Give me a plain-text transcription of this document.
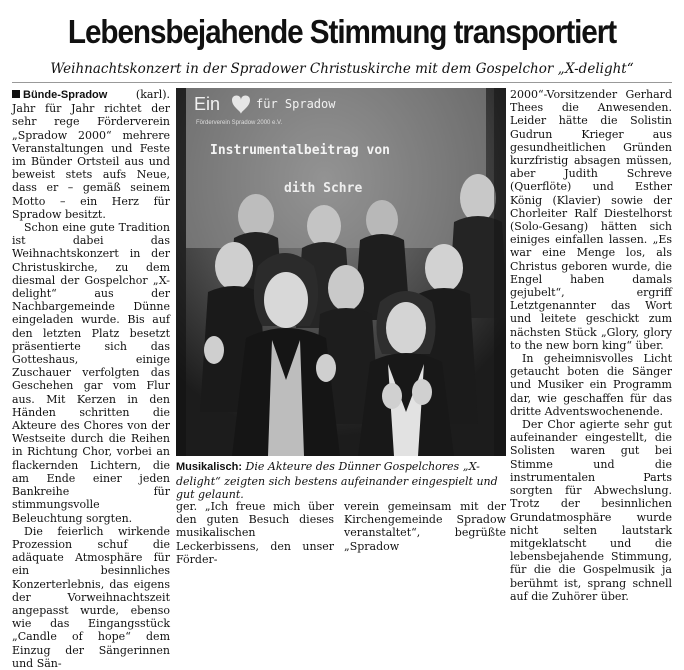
Lebensbejahende Stimmung transportiert
Weihnachtskonzert in der Spradower Christuskirche mit dem Gospelchor „X-delight“

Bünde-Spradow (karl). Jahr für Jahr richtet der sehr rege Förderverein „Spradow 2000“ mehrere Veranstaltungen und Feste im Bünder Ortsteil aus und beweist stets aufs Neue, dass er – gemäß seinem Motto – ein Herz für Spradow besitzt.

Schon eine gute Tradition ist dabei das Weihnachtskonzert in der Christuskirche, zu dem diesmal der Gospelchor „X-delight“ aus der Nachbargemeinde Dünne eingeladen wurde. Bis auf den letzten Platz besetzt präsentierte sich das Gotteshaus, einige Zuschauer verfolgten das Geschehen gar vom Flur aus. Mit Kerzen in den Händen schritten die Akteure des Chores von der Westseite durch die Reihen in Richtung Chor, vorbei an flackernden Lichtern, die am Ende einer jeden Bankreihe für stimmungsvolle Beleuchtung sorgten.

Die feierlich wirkende Prozession schuf die adäquate Atmosphäre für ein besinnliches Konzerterlebnis, das eigens der Vorweihnachtszeit angepasst wurde, ebenso wie das Eingangsstück „Candle of hope“ dem Einzug der Sängerinnen und Sän-

Ein	für Spradow
Förderverein Spradow 2000 e.V.
Instrumentalbeitrag von
dith Schre
Musikalisch: Die Akteure des Dünner Gospelchores „X-delight“ zeigten sich bestens aufeinander eingespielt und gut gelaunt.
ger. „Ich freue mich über den guten Besuch dieses musikalischen Leckerbissens, den unser Förder-
verein gemeinsam mit der Kirchengemeinde Spradow veranstaltet“, begrüßte „Spradow

2000“-Vorsitzender Gerhard Thees die Anwesenden. Leider hätte die Solistin Gudrun Krieger aus gesundheitlichen Gründen kurzfristig absagen müssen, aber Judith Schreve (Querflöte) und Esther König (Klavier) sowie der Chorleiter Ralf Diestelhorst (Solo-Gesang) hätten sich einiges einfallen lassen. „Es war eine Menge los, als Christus geboren wurde, die Engel haben damals gejubelt“, ergriff Letztgenannter das Wort und leitete geschickt zum nächsten Stück „Glory, glory to the new born king“ über.

In geheimnisvolles Licht getaucht boten die Sänger und Musiker ein Programm dar, wie geschaffen für das dritte Adventswochenende.

Der Chor agierte sehr gut aufeinander eingestellt, die Solisten waren gut bei Stimme und die instrumentalen Parts sorgten für Abwechslung. Trotz der besinnlichen Grundatmosphäre wurde nicht selten lautstark mitgeklatscht und die lebensbejahende Stimmung, für die die Gospelmusik ja berühmt ist, sprang schnell auf die Zuhörer über.
